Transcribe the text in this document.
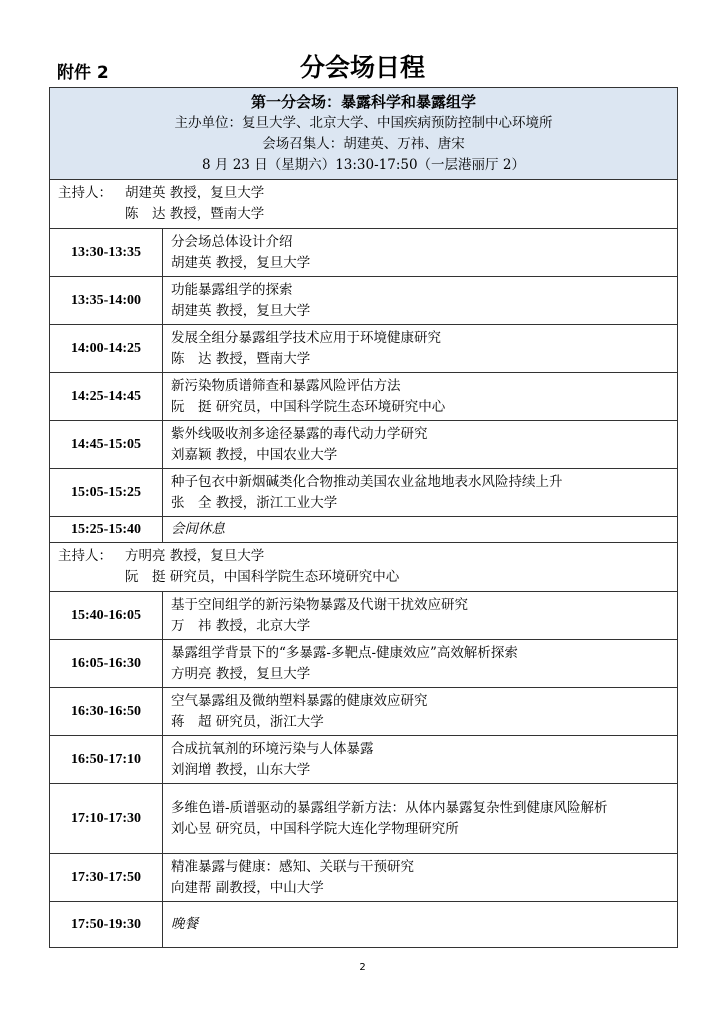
附件 2	分会场日程
第一分会场：暴露科学和暴露组学
主办单位：复旦大学、北京大学、中国疾病预防控制中心环境所
会场召集人：胡建英、万祎、唐宋
8 月 23 日（星期六）13:30-17:50（一层港丽厅 2）	

主持人： 胡建英 教授，复旦大学
陈　达 教授，暨南大学	

13:30-13:35	分会场总体设计介绍
胡建英 教授，复旦大学

13:35-14:00	功能暴露组学的探索
胡建英 教授，复旦大学

14:00-14:25	发展全组分暴露组学技术应用于环境健康研究
陈　达 教授，暨南大学

14:25-14:45	新污染物质谱筛查和暴露风险评估方法
阮　挺 研究员，中国科学院生态环境研究中心

14:45-15:05	紫外线吸收剂多途径暴露的毒代动力学研究
刘嘉颖 教授，中国农业大学

15:05-15:25	种子包衣中新烟碱类化合物推动美国农业盆地地表水风险持续上升
张　全 教授，浙江工业大学

15:25-15:40	会间休息

主持人： 方明亮 教授，复旦大学
阮　挺 研究员，中国科学院生态环境研究中心	

15:40-16:05	基于空间组学的新污染物暴露及代谢干扰效应研究
万　祎 教授，北京大学

16:05-16:30	暴露组学背景下的“多暴露-多靶点-健康效应”高效解析探索
方明亮 教授，复旦大学

16:30-16:50	空气暴露组及微纳塑料暴露的健康效应研究
蒋　超 研究员，浙江大学

16:50-17:10	合成抗氧剂的环境污染与人体暴露
刘润增 教授，山东大学

17:10-17:30	多维色谱-质谱驱动的暴露组学新方法：从体内暴露复杂性到健康风险解析
刘心昱 研究员，中国科学院大连化学物理研究所

17:30-17:50	精准暴露与健康：感知、关联与干预研究
向建帮 副教授，中山大学

17:50-19:30	晚餐
2
